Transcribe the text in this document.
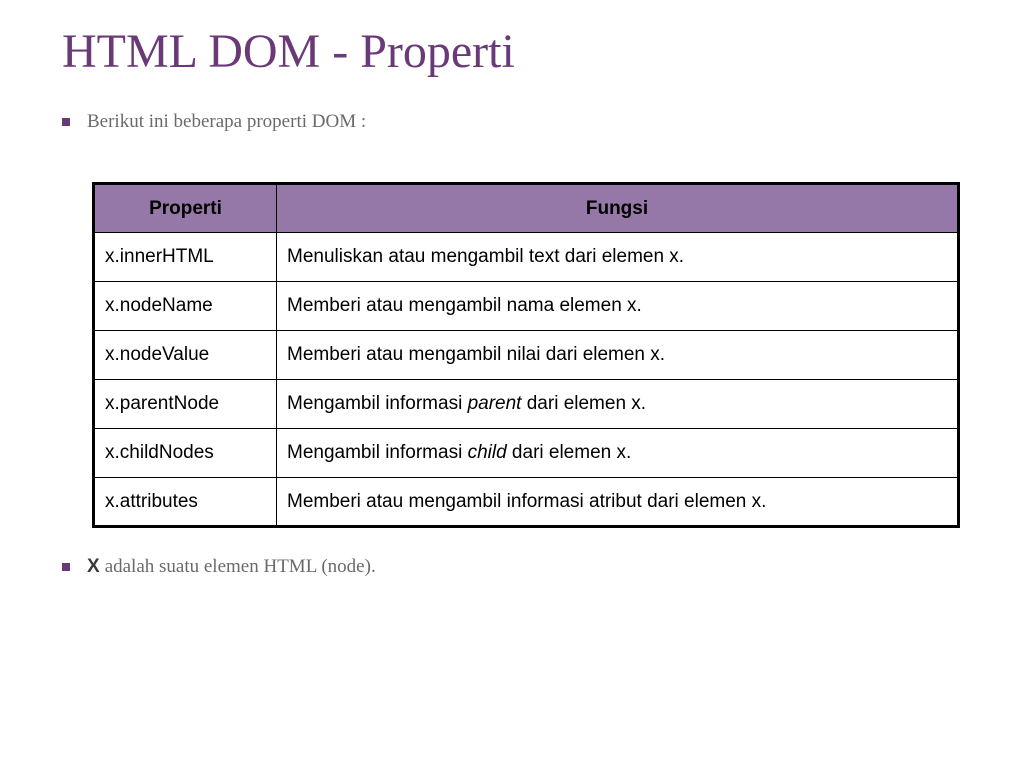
HTML DOM - Properti
Berikut ini beberapa properti DOM :
Properti	Fungsi
x.innerHTML	Menuliskan atau mengambil text dari elemen x.
x.nodeName	Memberi atau mengambil nama elemen x.
x.nodeValue	Memberi atau mengambil nilai dari elemen x.
x.parentNode	Mengambil informasi parent dari elemen x.
x.childNodes	Mengambil informasi child dari elemen x.
x.attributes	Memberi atau mengambil informasi atribut dari elemen x.
X adalah suatu elemen HTML (node).
